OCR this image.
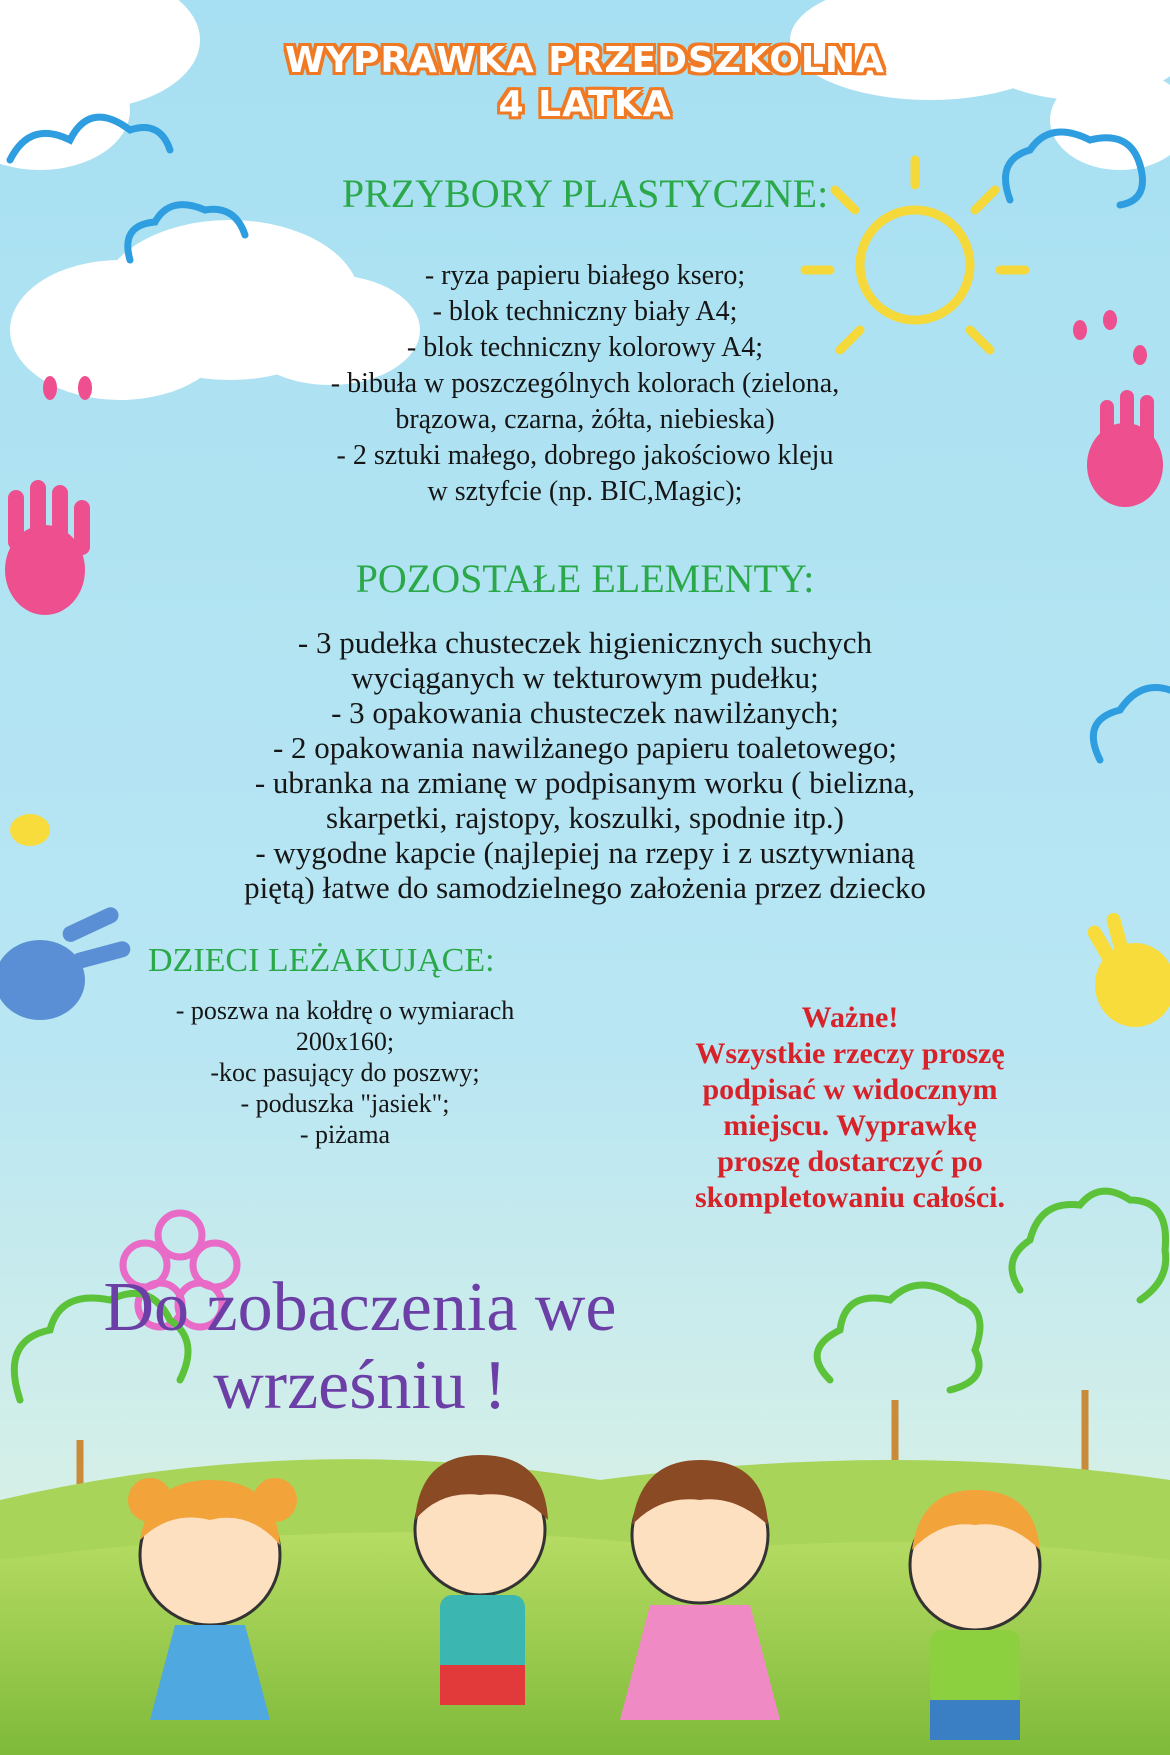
WYPRAWKA PRZEDSZKOLNA
4 LATKA
PRZYBORY PLASTYCZNE:
- ryza papieru białego ksero;
- blok techniczny biały A4;
- blok techniczny kolorowy A4;
- bibuła w poszczególnych kolorach (zielona,
brązowa, czarna, żółta, niebieska)
- 2 sztuki małego, dobrego jakościowo kleju
w sztyfcie (np. BIC,Magic);
POZOSTAŁE ELEMENTY:
- 3 pudełka chusteczek higienicznych suchych
wyciąganych w tekturowym pudełku;
- 3 opakowania chusteczek nawilżanych;
- 2 opakowania nawilżanego papieru toaletowego;
- ubranka na zmianę w podpisanym worku ( bielizna,
skarpetki, rajstopy, koszulki, spodnie itp.)
- wygodne kapcie (najlepiej na rzepy i z usztywnianą
piętą) łatwe do samodzielnego założenia przez dziecko
DZIECI LEŻAKUJĄCE:
- poszwa na kołdrę o wymiarach
200x160;
-koc pasujący do poszwy;
- poduszka "jasiek";
- piżama
Ważne!
Wszystkie rzeczy proszę
podpisać w widocznym
miejscu. Wyprawkę
proszę dostarczyć po
skompletowaniu całości.
Do zobaczenia we
wrześniu !
